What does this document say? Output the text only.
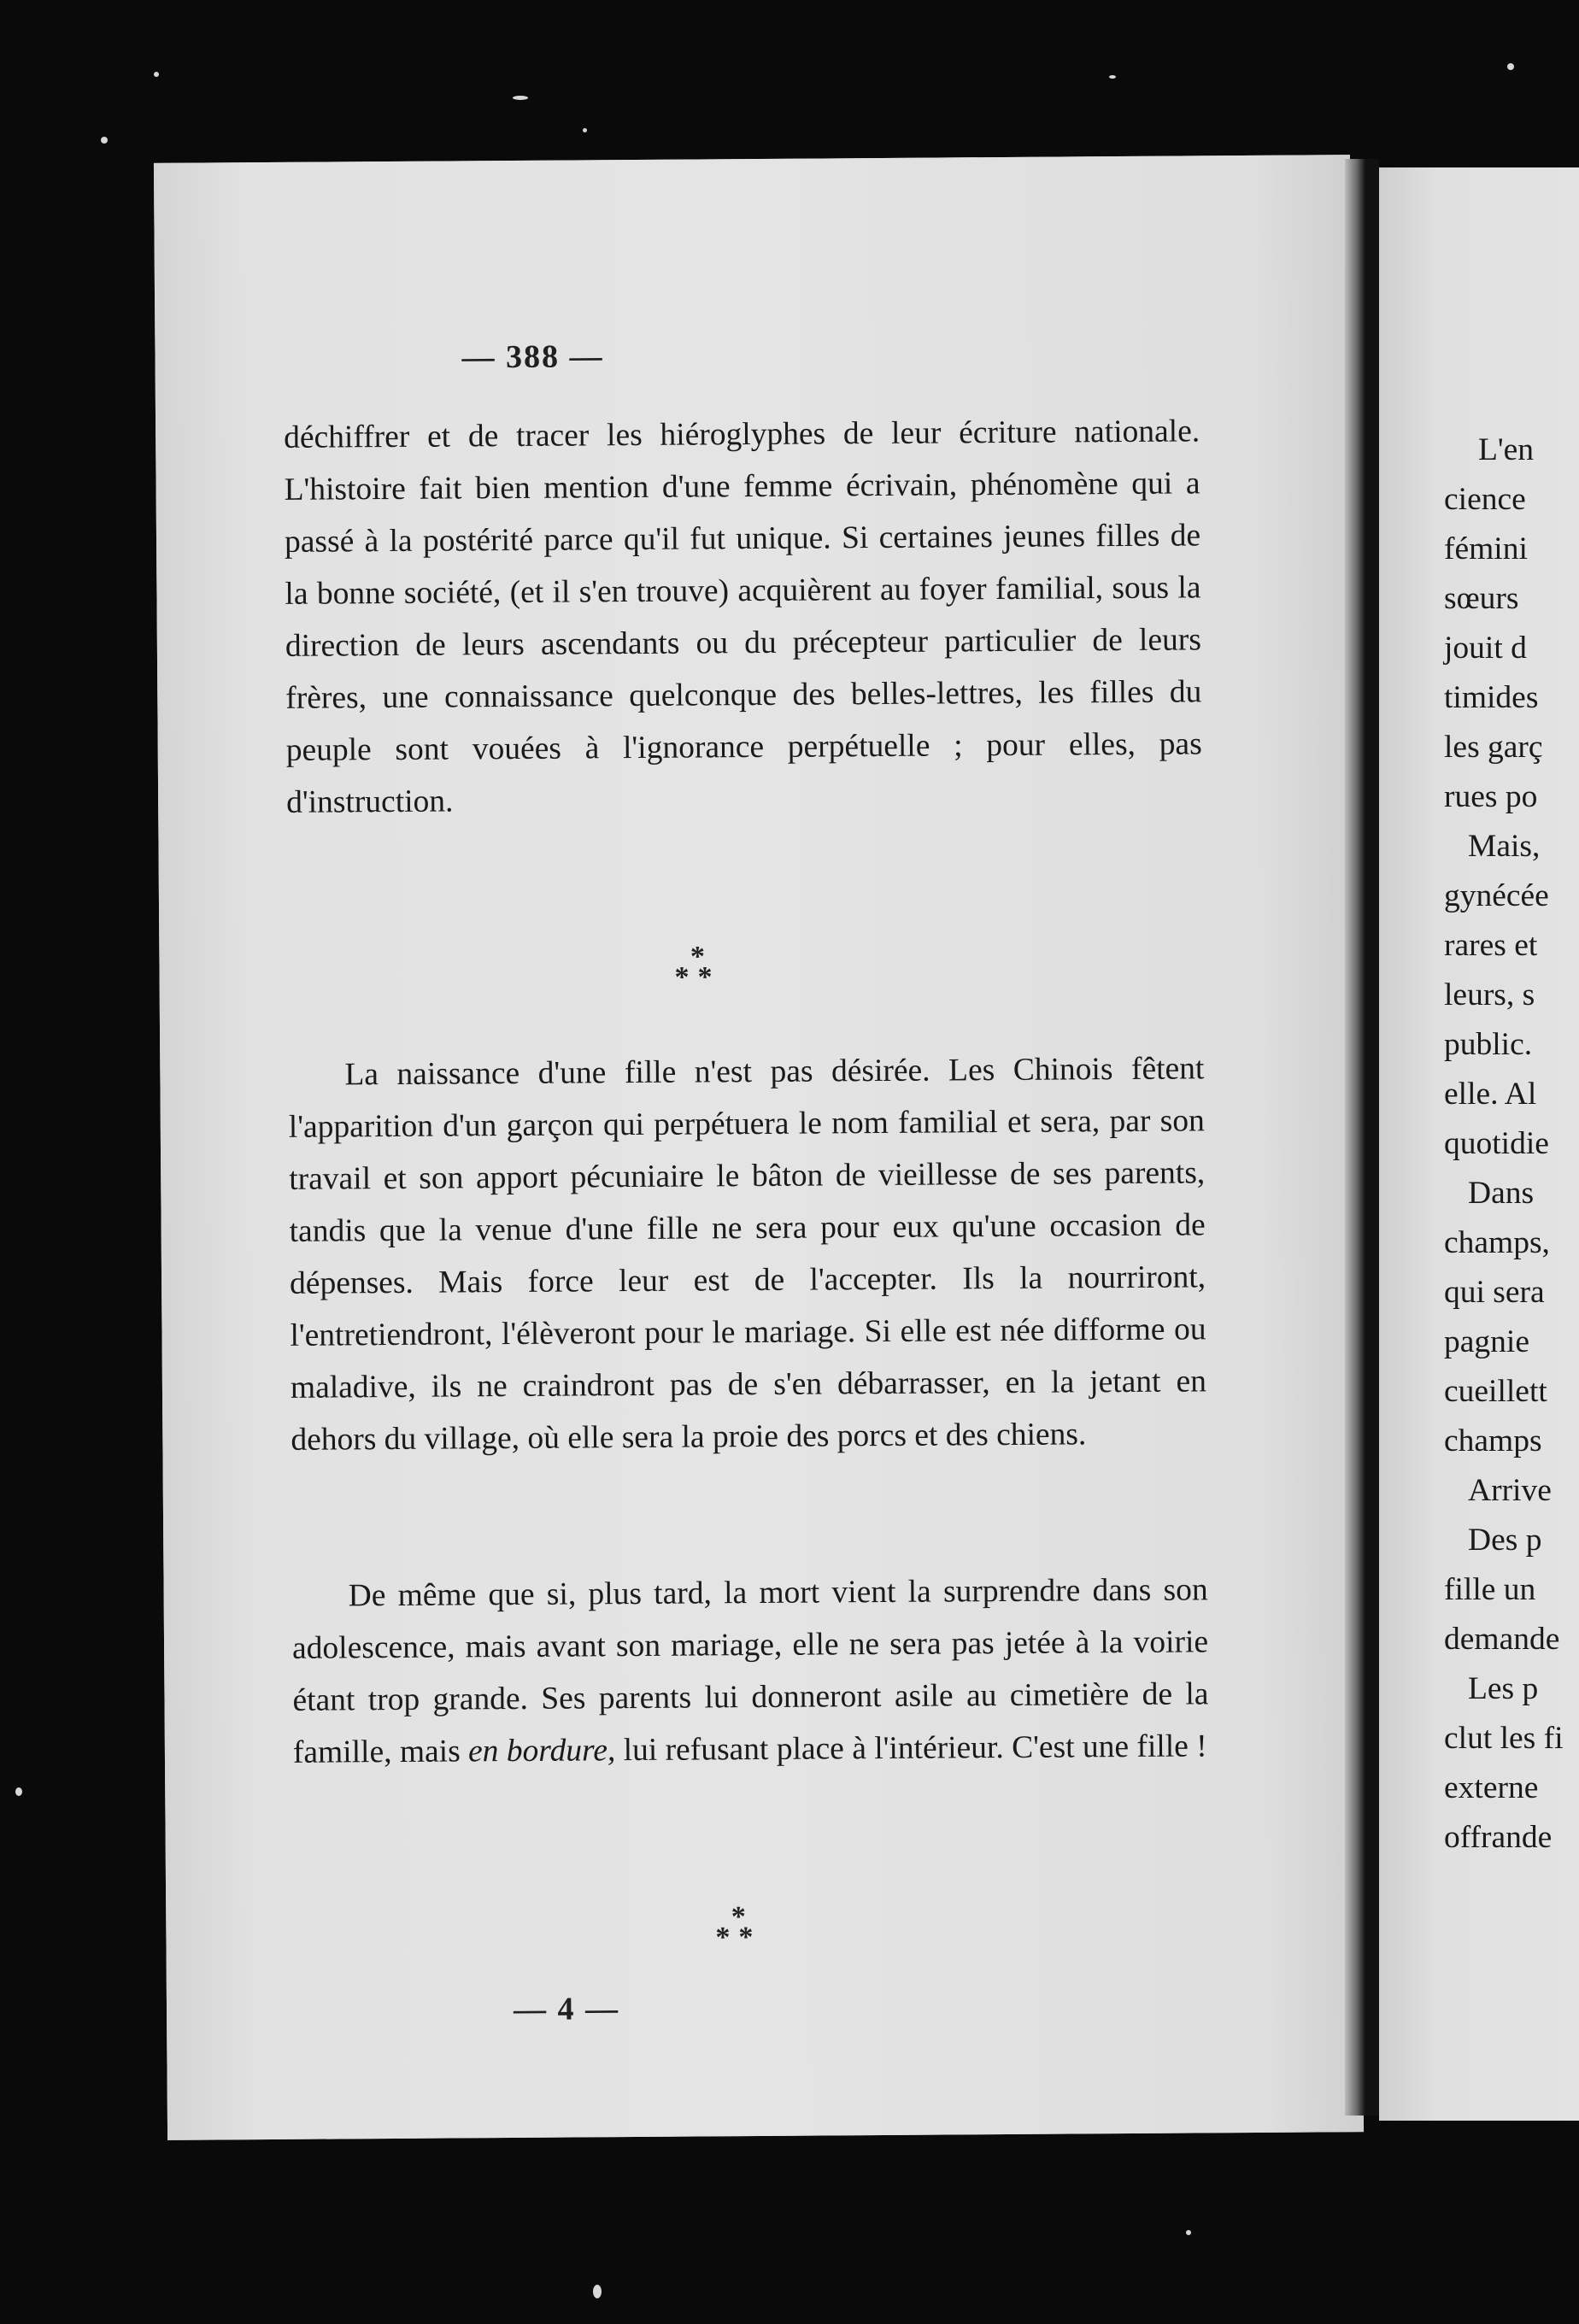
— 388 —

déchiffrer et de tracer les hiéroglyphes de leur écriture nationale. L'histoire fait bien mention d'une femme écrivain, phénomène qui a passé à la postérité parce qu'il fut unique. Si certaines jeunes filles de la bonne société, (et il s'en trouve) acquièrent au foyer familial, sous la direction de leurs ascendants ou du précepteur particulier de leurs frères, une connaissance quelconque des belles-lettres, les filles du peuple sont vouées à l'ignorance perpétuelle ; pour elles, pas d'instruction.

*
**

La naissance d'une fille n'est pas désirée. Les Chinois fêtent l'apparition d'un garçon qui perpétuera le nom familial et sera, par son travail et son apport pécuniaire le bâton de vieillesse de ses parents, tandis que la venue d'une fille ne sera pour eux qu'une occasion de dépenses. Mais force leur est de l'accepter. Ils la nourriront, l'entretiendront, l'élèveront pour le mariage. Si elle est née difforme ou maladive, ils ne craindront pas de s'en débarrasser, en la jetant en dehors du village, où elle sera la proie des porcs et des chiens.

De même que si, plus tard, la mort vient la surprendre dans son adolescence, mais avant son mariage, elle ne sera pas jetée à la voirie étant trop grande. Ses parents lui donneront asile au cimetière de la famille, mais en bordure, lui refusant place à l'intérieur. C'est une fille !

*
**
— 4 —
L'en
cience
fémini
sœurs
jouit d
timides
les garç
rues po
Mais,
gynécée
rares et
leurs, s
public.
elle. Al
quotidie
Dans
champs,
qui sera
pagnie
cueillett
champs
Arrive
Des p
fille un
demande
Les p
clut les fi
externe
offrande
